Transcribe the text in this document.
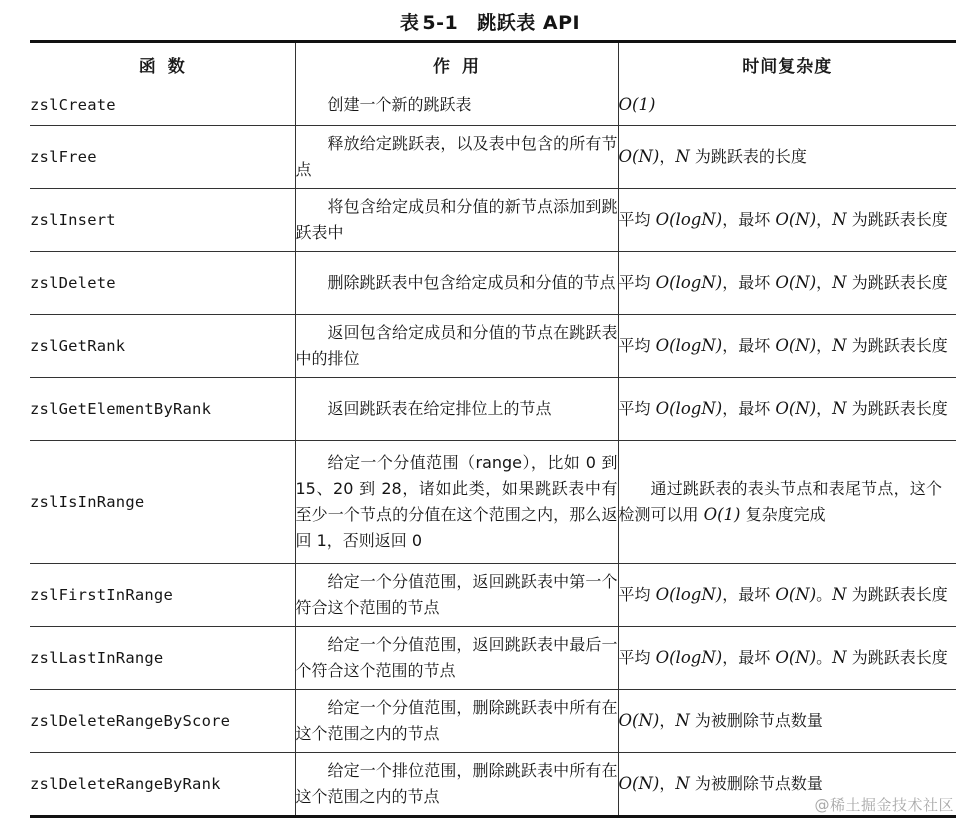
表 5-1 跳跃表 API
函 数	作 用	时间复杂度
zslCreate	创建一个新的跳跃表	O(1)
zslFree	释放给定跳跃表，以及表中包含的所有节点	O(N)，N 为跳跃表的长度
zslInsert	将包含给定成员和分值的新节点添加到跳跃表中	平均 O(logN)，最坏 O(N)，N 为跳跃表长度
zslDelete	删除跳跃表中包含给定成员和分值的节点	平均 O(logN)，最坏 O(N)，N 为跳跃表长度
zslGetRank	返回包含给定成员和分值的节点在跳跃表中的排位	平均 O(logN)，最坏 O(N)，N 为跳跃表长度
zslGetElementByRank	返回跳跃表在给定排位上的节点	平均 O(logN)，最坏 O(N)，N 为跳跃表长度
zslIsInRange	给定一个分值范围（range），比如 0 到 15、20 到 28，诸如此类，如果跳跃表中有至少一个节点的分值在这个范围之内，那么返回 1，否则返回 0	通过跳跃表的表头节点和表尾节点，这个检测可以用 O(1) 复杂度完成
zslFirstInRange	给定一个分值范围，返回跳跃表中第一个符合这个范围的节点	平均 O(logN)，最坏 O(N)。N 为跳跃表长度
zslLastInRange	给定一个分值范围，返回跳跃表中最后一个符合这个范围的节点	平均 O(logN)，最坏 O(N)。N 为跳跃表长度
zslDeleteRangeByScore	给定一个分值范围，删除跳跃表中所有在这个范围之内的节点	O(N)，N 为被删除节点数量
zslDeleteRangeByRank	给定一个排位范围，删除跳跃表中所有在这个范围之内的节点	O(N)，N 为被删除节点数量
@稀土掘金技术社区
